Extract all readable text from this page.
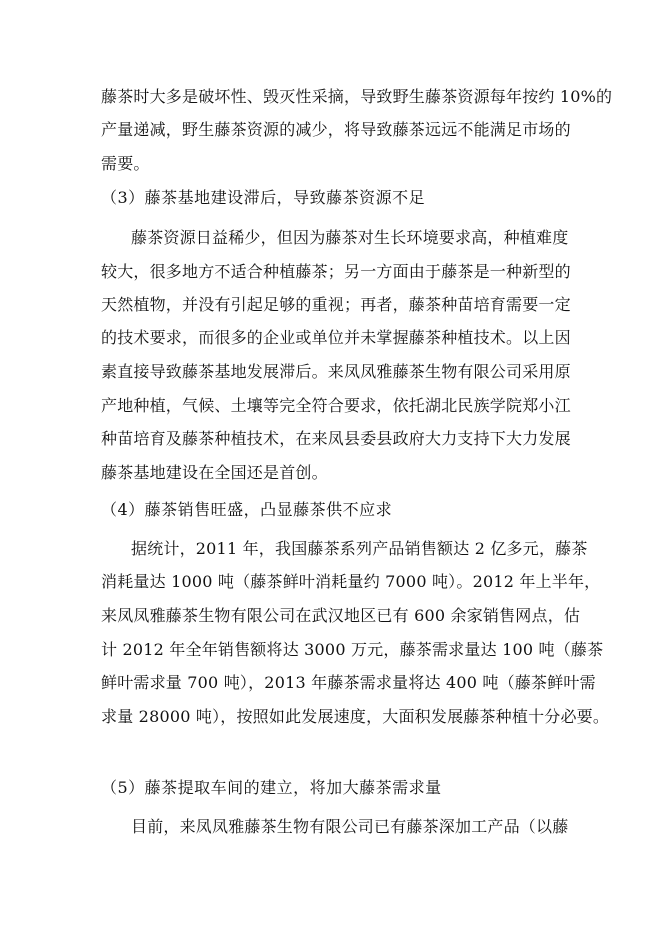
藤茶时大多是破坏性、毁灭性采摘，导致野生藤茶资源每年按约 10%的
产量递减，野生藤茶资源的减少，将导致藤茶远远不能满足市场的
需要。
（3）藤茶基地建设滞后，导致藤茶资源不足
藤茶资源日益稀少，但因为藤茶对生长环境要求高，种植难度
较大，很多地方不适合种植藤茶；另一方面由于藤茶是一种新型的
天然植物，并没有引起足够的重视；再者，藤茶种苗培育需要一定
的技术要求，而很多的企业或单位并未掌握藤茶种植技术。以上因
素直接导致藤茶基地发展滞后。来凤凤雅藤茶生物有限公司采用原
产地种植，气候、土壤等完全符合要求，依托湖北民族学院郑小江
种苗培育及藤茶种植技术，在来凤县委县政府大力支持下大力发展
藤茶基地建设在全国还是首创。
（4）藤茶销售旺盛，凸显藤茶供不应求
据统计，2011 年，我国藤茶系列产品销售额达 2 亿多元，藤茶
消耗量达 1000 吨（藤茶鲜叶消耗量约 7000 吨）。2012 年上半年，
来凤凤雅藤茶生物有限公司在武汉地区已有 600 余家销售网点，估
计 2012 年全年销售额将达 3000 万元，藤茶需求量达 100 吨（藤茶
鲜叶需求量 700 吨），2013 年藤茶需求量将达 400 吨（藤茶鲜叶需
求量 28000 吨），按照如此发展速度，大面积发展藤茶种植十分必要。
（5）藤茶提取车间的建立，将加大藤茶需求量
目前，来凤凤雅藤茶生物有限公司已有藤茶深加工产品（以藤
